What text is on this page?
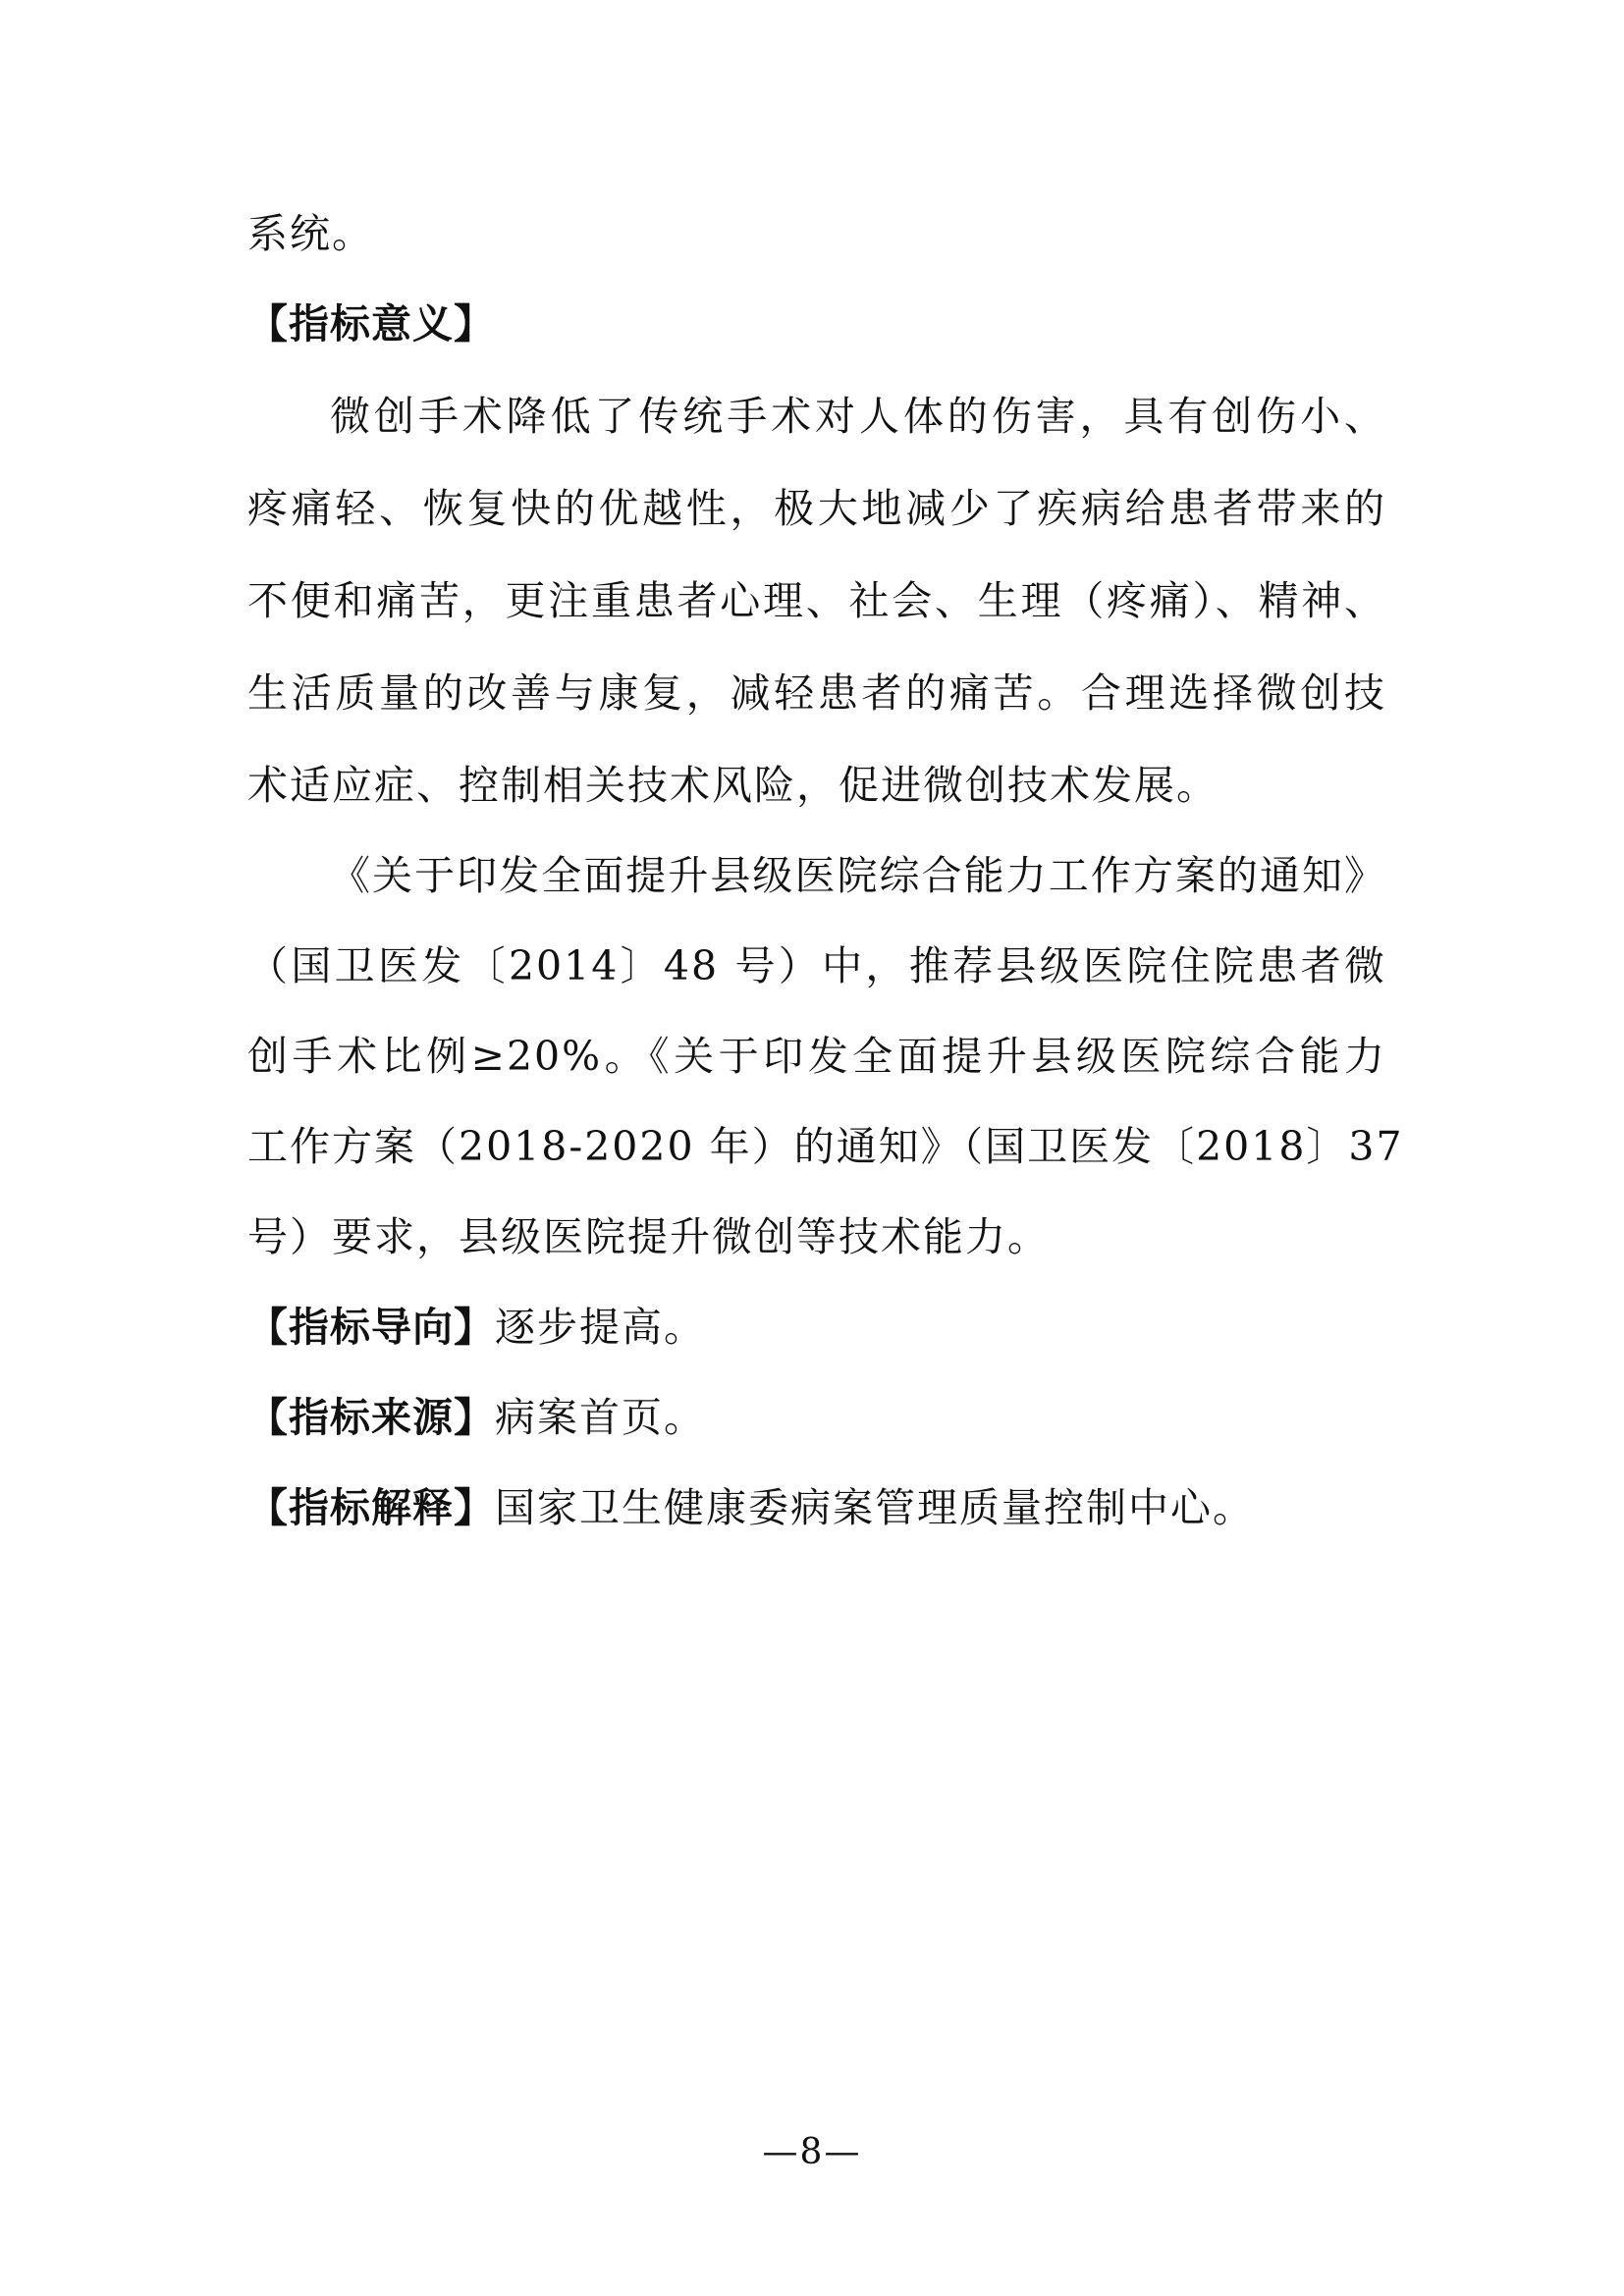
系统。
【指标意义】
微创手术降低了传统手术对人体的伤害，具有创伤小、
疼痛轻、恢复快的优越性，极大地减少了疾病给患者带来的
不便和痛苦，更注重患者心理、社会、生理（疼痛）、精神、
生活质量的改善与康复，减轻患者的痛苦。合理选择微创技
术适应症、控制相关技术风险，促进微创技术发展。
《关于印发全面提升县级医院综合能力工作方案的通知》
（国卫医发〔2014〕48 号）中，推荐县级医院住院患者微
创手术比例≥20%。《关于印发全面提升县级医院综合能力
工作方案（2018-2020 年）的通知》（国卫医发〔2018〕37
号）要求，县级医院提升微创等技术能力。
【指标导向】逐步提高。
【指标来源】病案首页。
【指标解释】国家卫生健康委病案管理质量控制中心。
—8—
